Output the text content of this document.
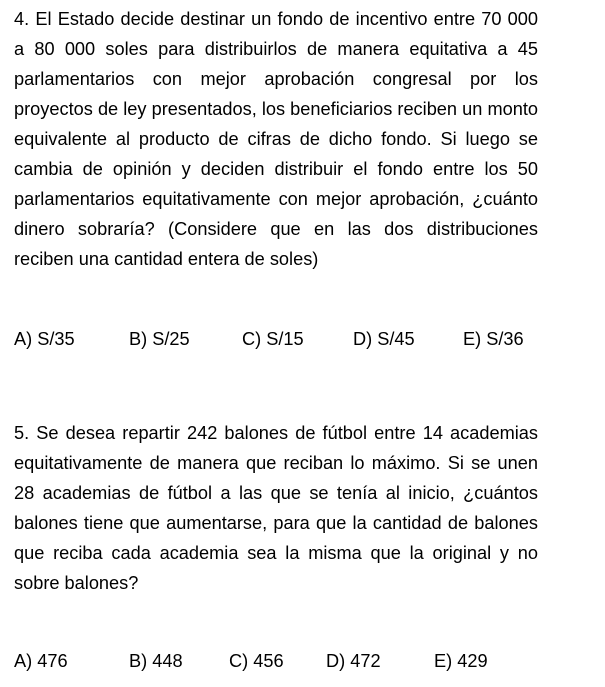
4. El Estado decide destinar un fondo de incentivo entre 70 000 a 80 000 soles para distribuirlos de manera equitativa a 45 parlamentarios con mejor aprobación congresal por los proyectos de ley presentados, los beneficiarios reciben un monto equivalente al producto de cifras de dicho fondo. Si luego se cambia de opinión y deciden distribuir el fondo entre los 50 parlamentarios equitativamente con mejor aprobación, ¿cuánto dinero sobraría? (Considere que en las dos distribuciones reciben una cantidad entera de soles)

A) S/35	B) S/25	C) S/15	D) S/45	E) S/36

5. Se desea repartir 242 balones de fútbol entre 14 academias equitativamente de manera que reciban lo máximo. Si se unen 28 academias de fútbol a las que se tenía al inicio, ¿cuántos balones tiene que aumentarse, para que la cantidad de balones que reciba cada academia sea la misma que la original y no sobre balones?

A) 476	B) 448	C) 456 D) 472	E) 429
